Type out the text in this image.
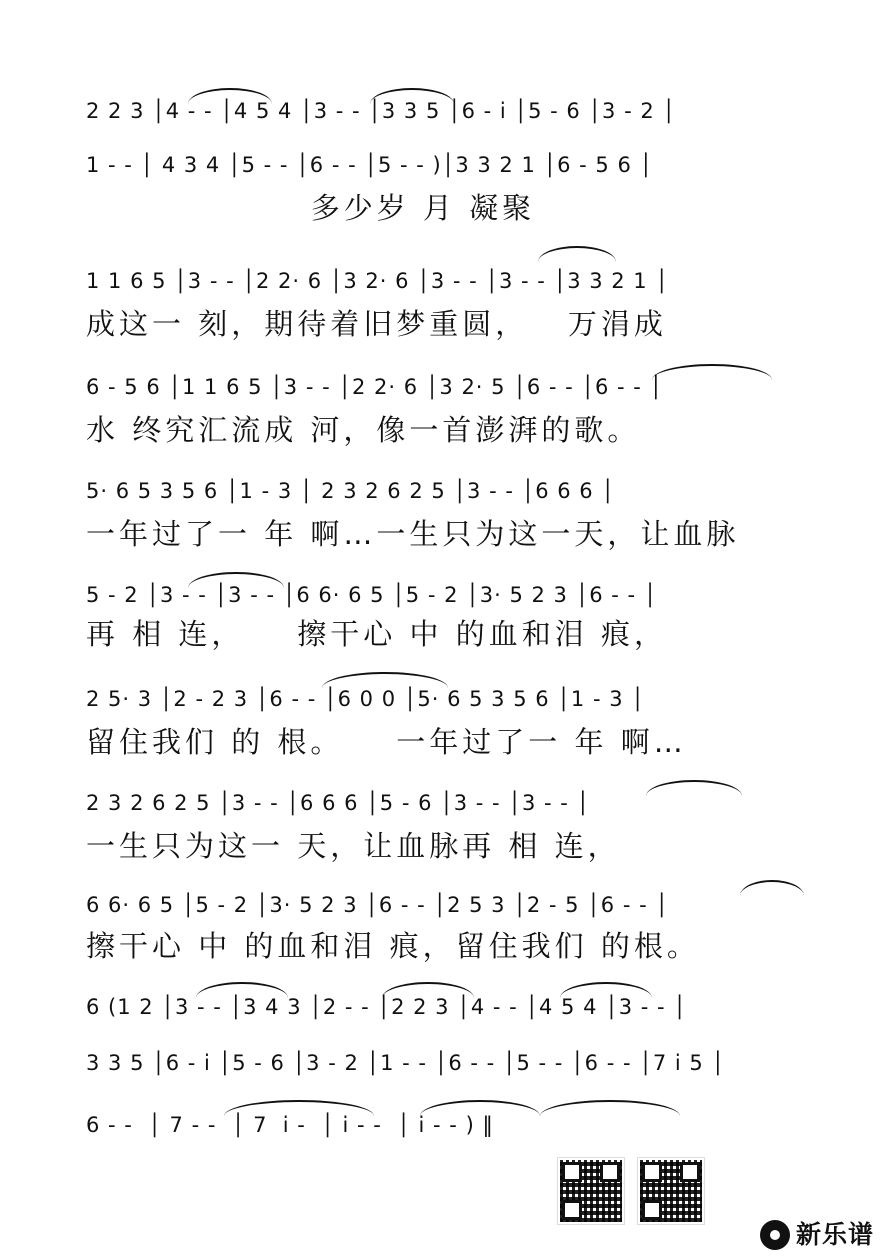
2 2 3 │4 - - │4 5 4 │3 - - │3 3 5 │6 - i │5 - 6 │3 - 2 │
1 - - │ 4 3 4 │5 - - │6 - - │5 - - )│3 3 2 1 │6 - 5 6 │
多少岁 月 凝聚
1 1 6 5 │3 - - │2 2· 6 │3 2· 6 │3 - - │3 - - │3 3 2 1 │
成这一 刻，期待着旧梦重圆，   万涓成
6 - 5 6 │1 1 6 5 │3 - - │2 2· 6 │3 2· 5 │6 - - │6 - - │
水 终究汇流成 河，像一首澎湃的歌。
5· 6 5 3 5 6 │1 - 3 │ 2 3 2 6 2 5 │3 - - │6 6 6 │
一年过了一 年 啊…一生只为这一天，让血脉
5 - 2 │3 - - │3 - - │6 6· 6 5 │5 - 2 │3· 5 2 3 │6 - - │
再 相 连，    擦干心 中 的血和泪 痕，
2 5· 3 │2 - 2 3 │6 - - │6 0 0 │5· 6 5 3 5 6 │1 - 3 │
留住我们 的 根。    一年过了一 年 啊…
2 3 2 6 2 5 │3 - - │6 6 6 │5 - 6 │3 - - │3 - - │
一生只为这一 天，让血脉再 相 连，
6 6· 6 5 │5 - 2 │3· 5 2 3 │6 - - │2 5 3 │2 - 5 │6 - - │
擦干心 中 的血和泪 痕，留住我们 的根。
6 (1 2 │3 - - │3 4 3 │2 - - │2 2 3 │4 - - │4 5 4 │3 - - │
3 3 5 │6 - i │5 - 6 │3 - 2 │1 - - │6 - - │5 - - │6 - - │7 i 5 │
6 - -  │ 7 - -  │ 7  i -  │ i - -  │ i - - ) ‖
新乐谱
